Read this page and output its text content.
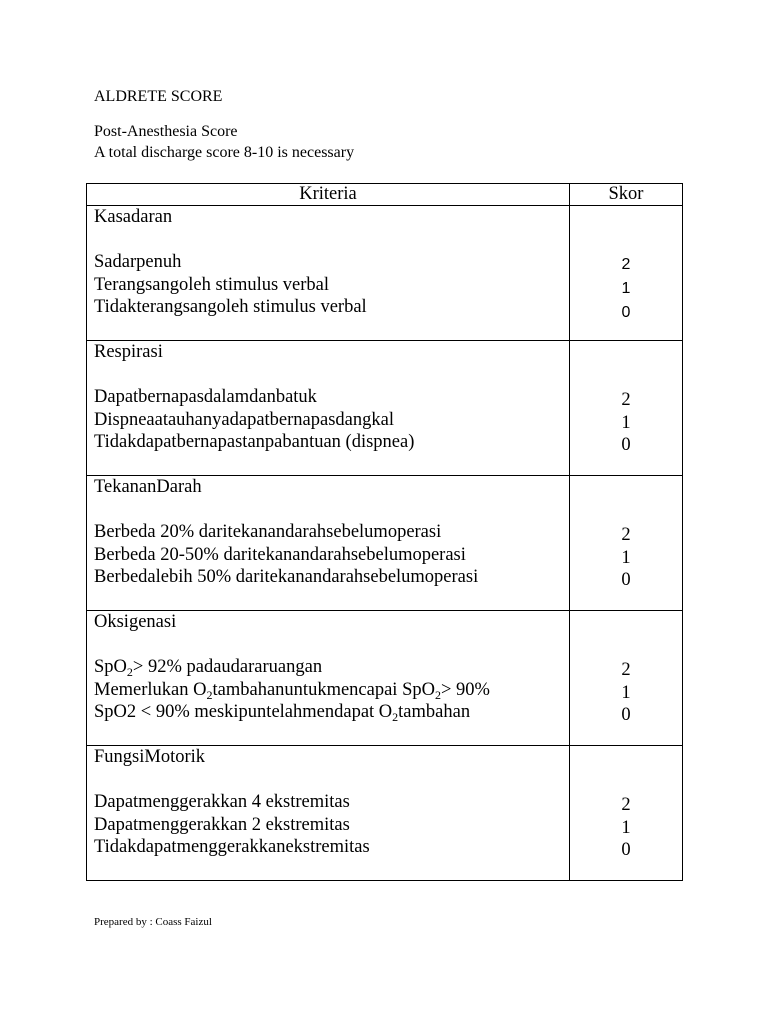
ALDRETE SCORE
Post-Anesthesia Score
A total discharge score 8-10 is necessary
Kriteria	Skor
Kasadaran
Sadarpenuh
Terangsangoleh stimulus verbal
Tidakterangsangoleh stimulus verbal
2
1
0
Respirasi
Dapatbernapasdalamdanbatuk
Dispneaatauhanyadapatbernapasdangkal
Tidakdapatbernapastanpabantuan (dispnea)
2
1
0
TekananDarah
Berbeda 20% daritekanandarahsebelumoperasi
Berbeda 20-50% daritekanandarahsebelumoperasi
Berbedalebih 50% daritekanandarahsebelumoperasi
2
1
0
Oksigenasi
SpO$_2$> 92% padaudararuangan
Memerlukan $O_2tambahanuntukmencapai$ SpO$_2$> 90%
SpO2 < 90% meskipuntelahmendapat $O_2tambahan$
2
1
0
FungsiMotorik
Dapatmenggerakkan 4 ekstremitas
Dapatmenggerakkan 2 ekstremitas
Tidakdapatmenggerakkanekstremitas
2
1
0
Prepared by : Coass Faizul
